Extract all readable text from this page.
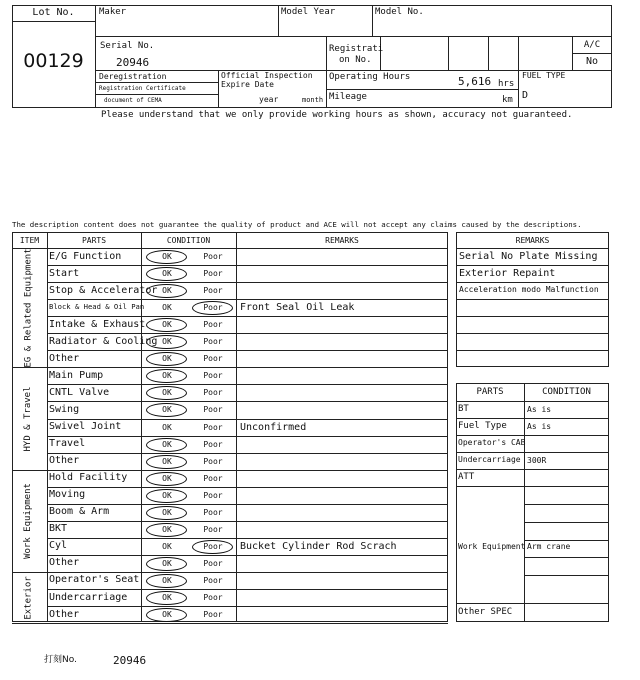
Lot No.
00129
Maker	Model Year	Model No.
Serial No.
20946
Registrati
on No.
A/C
No
Deregistration
Registration Certificate
document of CEMA
Official Inspection
Expire Date
year	month
Operating Hours	5,616 hrs
Mileage	km
FUEL TYPE
D
Please understand that we only provide working hours as shown, accuracy not guaranteed.
The description content does not guarantee the quality of product and ACE will not accept any claims caused by the descriptions.
ITEM	PARTS	CONDITION	REMARKS
E/G Function	OK	Poor
Start	OK	Poor
Stop & Accelerator OK	Poor
Block & Head & Oil Pan	OK	Poor	Front Seal Oil Leak
Intake & Exhaust	OK	Poor
Radiator & Cooling OK	Poor
Other	OK	Poor
EG & Related Equipment
Main Pump	OK	Poor
CNTL Valve	OK	Poor
Swing	OK	Poor
Swivel Joint	OK	Poor	Unconfirmed
Travel	OK	Poor
Other	OK	Poor
HYD & Travel
Hold Facility	OK	Poor
Moving	OK	Poor
Boom & Arm	OK	Poor
BKT	OK	Poor
Cyl	OK	Poor	Bucket Cylinder Rod Scrach
Other	OK	Poor
Work Equipment
Operator's Seat	OK	Poor
Undercarriage	OK	Poor
Other	OK	Poor
Exterior
REMARKS
Serial No Plate Missing
Exterior Repaint
Acceleration modo Malfunction
PARTS	CONDITION
BT	As is
Fuel Type	As is
Operator's CAB
Undercarriage 300R
ATT
Work Equipment Arm crane
Other SPEC
打刻No.	20946
